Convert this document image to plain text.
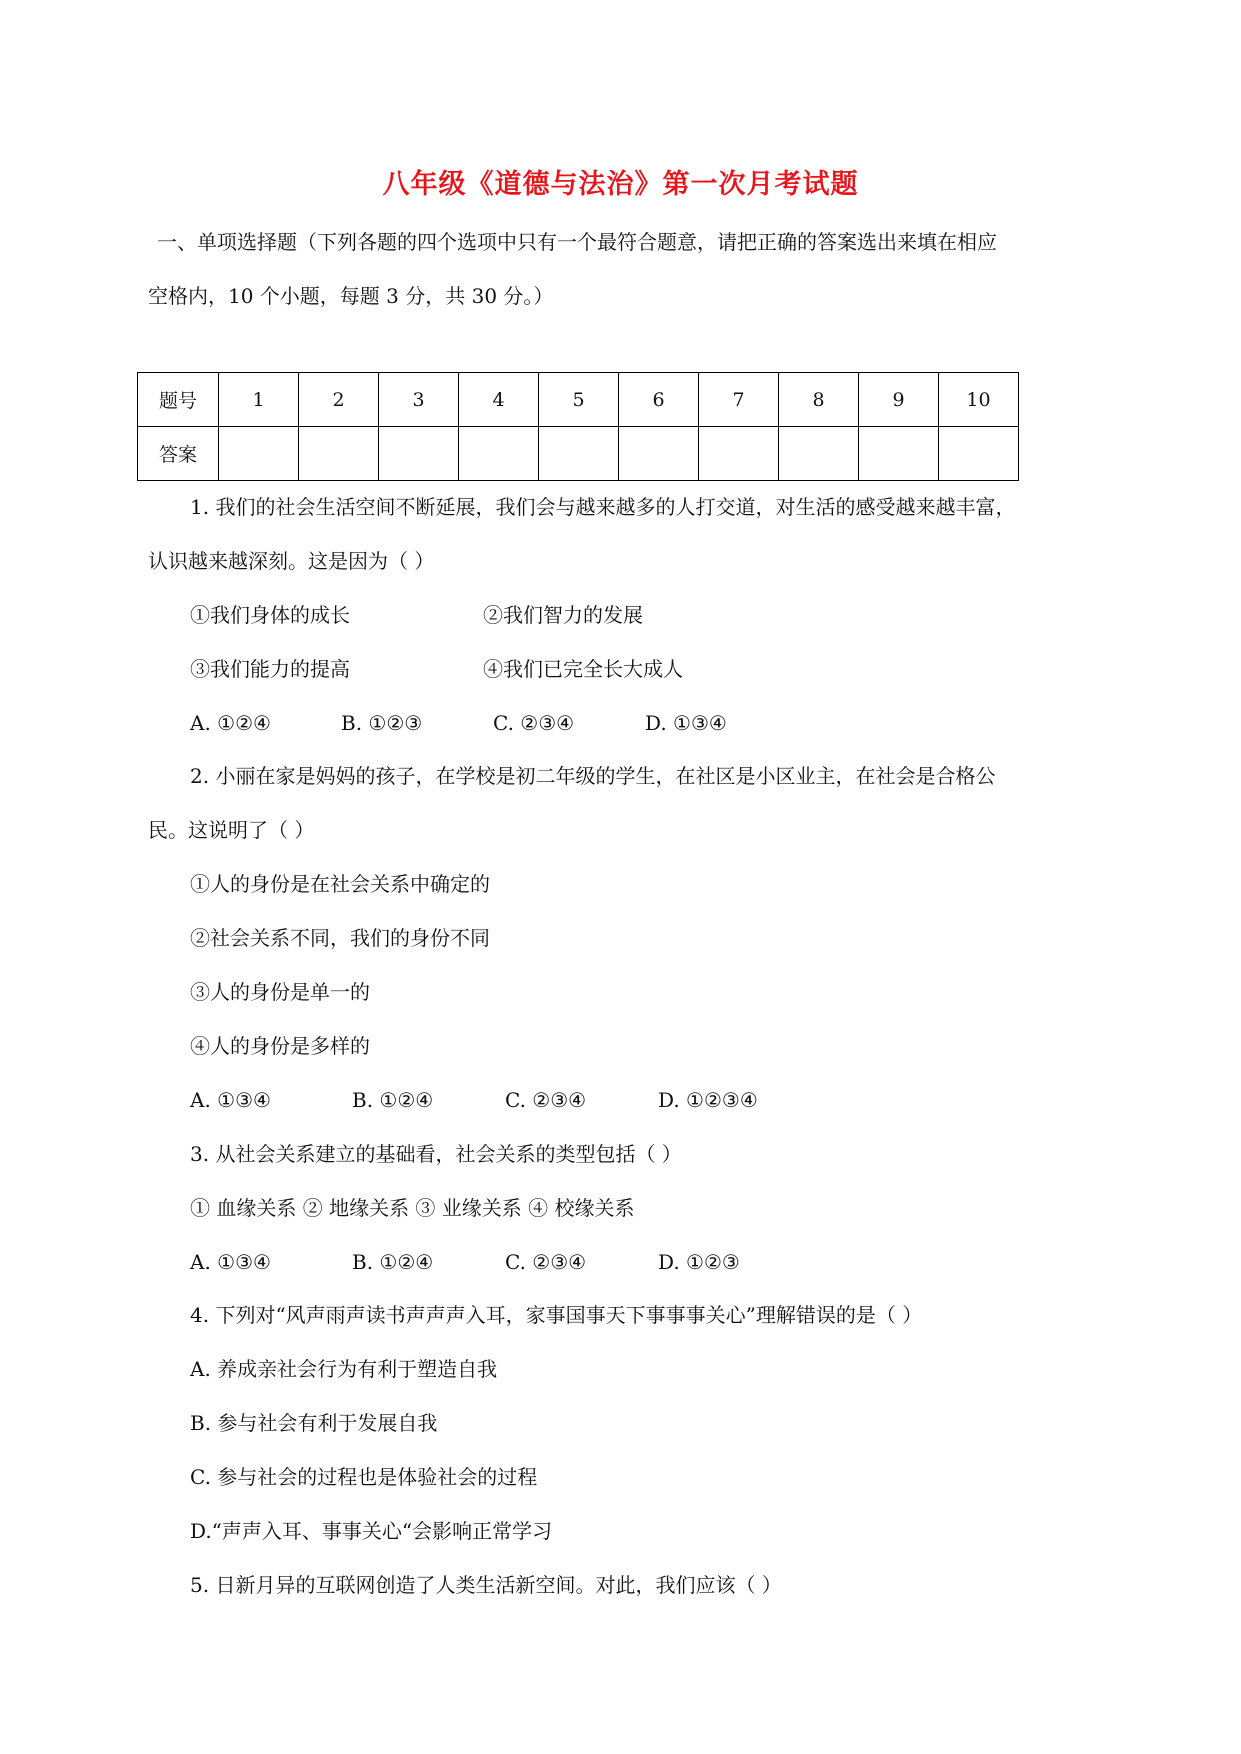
八年级《道德与法治》第一次月考试题
一、单项选择题（下列各题的四个选项中只有一个最符合题意，请把正确的答案选出来填在相应
空格内，10 个小题，每题 3 分，共 30 分。）
题号	1	2	3	4	5	6	7	8	9	10
答案										
1. 我们的社会生活空间不断延展，我们会与越来越多的人打交道，对生活的感受越来越丰富，
认识越来越深刻。这是因为（ ）
①我们身体的成长	②我们智力的发展
③我们能力的提高	④我们已完全长大成人
A. ①②④	B. ①②③	C. ②③④	D. ①③④
2. 小丽在家是妈妈的孩子，在学校是初二年级的学生，在社区是小区业主，在社会是合格公
民。这说明了（ ）
①人的身份是在社会关系中确定的
②社会关系不同，我们的身份不同
③人的身份是单一的
④人的身份是多样的
A. ①③④	B. ①②④	C. ②③④	D. ①②③④
3. 从社会关系建立的基础看，社会关系的类型包括（ ）
① 血缘关系 ② 地缘关系 ③ 业缘关系 ④ 校缘关系
A. ①③④	B. ①②④	C. ②③④	D. ①②③
4. 下列对“风声雨声读书声声声入耳，家事国事天下事事事关心”理解错误的是（ ）
A. 养成亲社会行为有利于塑造自我
B. 参与社会有利于发展自我
C. 参与社会的过程也是体验社会的过程
D.“声声入耳、事事关心“会影响正常学习
5. 日新月异的互联网创造了人类生活新空间。对此，我们应该（ ）
